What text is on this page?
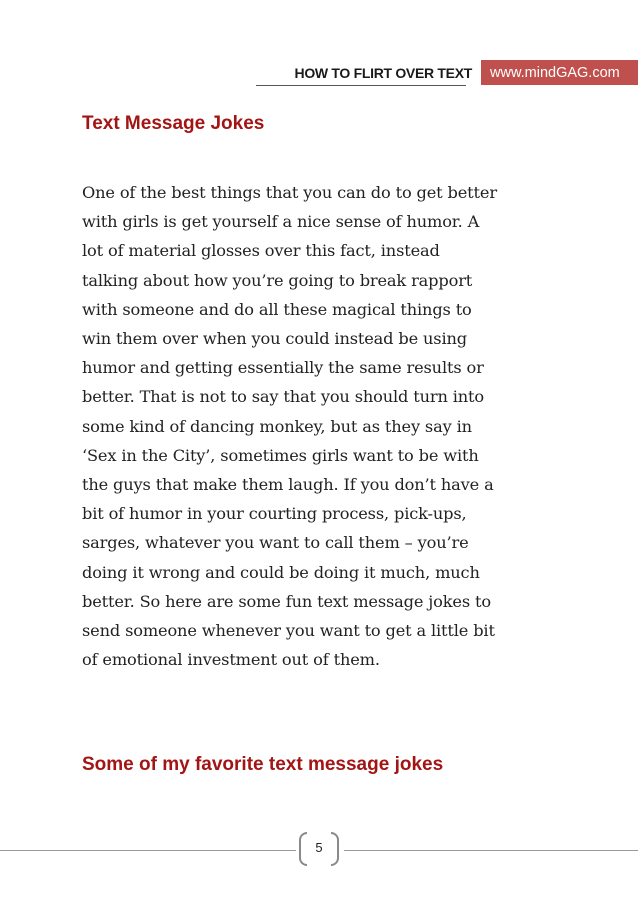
HOW TO FLIRT OVER TEXT	www.mindGAG.com
Text Message Jokes

One of the best things that you can do to get better
with girls is get yourself a nice sense of humor. A
lot of material glosses over this fact, instead
talking about how you’re going to break rapport
with someone and do all these magical things to
win them over when you could instead be using
humor and getting essentially the same results or
better. That is not to say that you should turn into
some kind of dancing monkey, but as they say in
‘Sex in the City’, sometimes girls want to be with
the guys that make them laugh. If you don’t have a
bit of humor in your courting process, pick-ups,
sarges, whatever you want to call them – you’re
doing it wrong and could be doing it much, much
better. So here are some fun text message jokes to
send someone whenever you want to get a little bit
of emotional investment out of them.

Some of my favorite text message jokes
5
